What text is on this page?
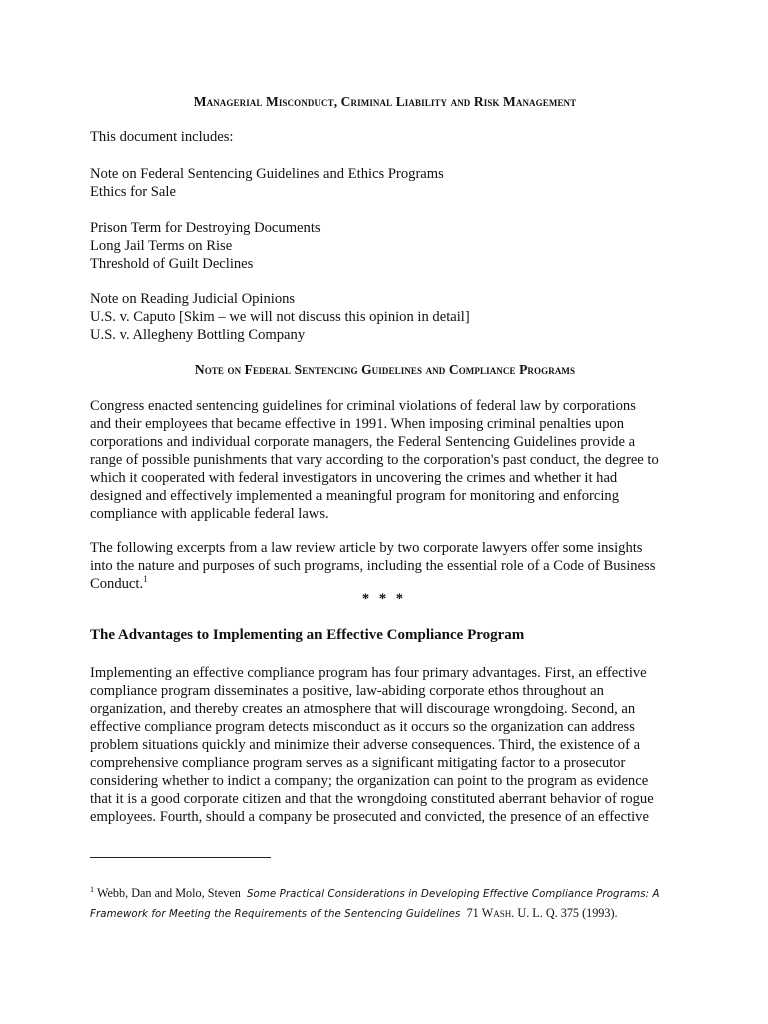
Managerial Misconduct, Criminal Liability and Risk Management
This document includes:
Note on Federal Sentencing Guidelines and Ethics Programs
Ethics for Sale
Prison Term for Destroying Documents
Long Jail Terms on Rise
Threshold of Guilt Declines
Note on Reading Judicial Opinions
U.S. v. Caputo [Skim – we will not discuss this opinion in detail]
U.S. v. Allegheny Bottling Company
Note on Federal Sentencing Guidelines and Compliance Programs
Congress enacted sentencing guidelines for criminal violations of federal law by corporations
and their employees that became effective in 1991. When imposing criminal penalties upon
corporations and individual corporate managers, the Federal Sentencing Guidelines provide a
range of possible punishments that vary according to the corporation's past conduct, the degree to
which it cooperated with federal investigators in uncovering the crimes and whether it had
designed and effectively implemented a meaningful program for monitoring and enforcing
compliance with applicable federal laws.
The following excerpts from a law review article by two corporate lawyers offer some insights
into the nature and purposes of such programs, including the essential role of a Code of Business
Conduct.$^1$
* * *
The Advantages to Implementing an Effective Compliance Program
Implementing an effective compliance program has four primary advantages. First, an effective
compliance program disseminates a positive, law-abiding corporate ethos throughout an
organization, and thereby creates an atmosphere that will discourage wrongdoing. Second, an
effective compliance program detects misconduct as it occurs so the organization can address
problem situations quickly and minimize their adverse consequences. Third, the existence of a
comprehensive compliance program serves as a significant mitigating factor to a prosecutor
considering whether to indict a company; the organization can point to the program as evidence
that it is a good corporate citizen and that the wrongdoing constituted aberrant behavior of rogue
employees. Fourth, should a company be prosecuted and convicted, the presence of an effective
$^1$ Webb, Dan and Molo, Steven Some Practical Considerations in Developing Effective Compliance Programs: A
Framework for Meeting the Requirements of the Sentencing Guidelines 71 Wash. U. L. Q. 375 (1993).
